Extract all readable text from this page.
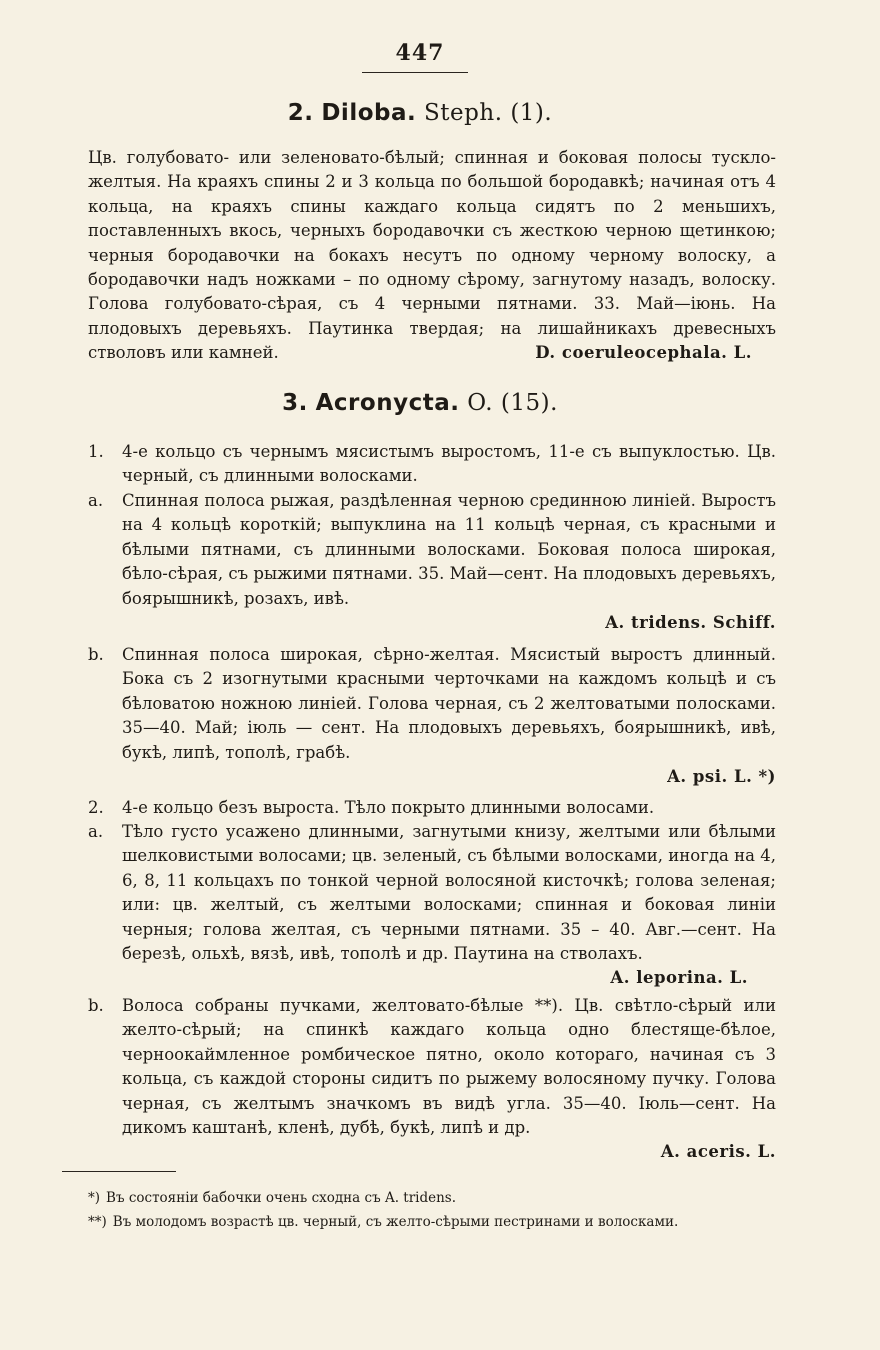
447
2. Diloba. Steph. (1).
Цв. голубовато- или зеленовато-бѣлый; спинная и боковая полосы тускло-желтыя. На краяхъ спины 2 и 3 кольца по большой бородавкѣ; начиная отъ 4 кольца, на краяхъ спины каждаго кольца сидятъ по 2 меньшихъ, поставленныхъ вкось, черныхъ бородавочки съ жесткою черною щетинкою; черныя бородавочки на бокахъ несутъ по одному черному волоску, а бородавочки надъ ножками – по одному сѣрому, загнутому назадъ, волоску. Голова голубовато-сѣрая, съ 4 черными пятнами. 33. Май—іюнь. На плодовыхъ деревьяхъ. Паутинка твердая; на лишайникахъ древесныхъ стволовъ или камней.	D. coeruleocephala. L.
3. Acronycta. O. (15).
1. 4-е кольцо съ чернымъ мясистымъ выростомъ, 11-е съ выпуклостью. Цв. черный, съ длинными волосками.
a. Спинная полоса рыжая, раздѣленная черною срединною линiей. Выростъ на 4 кольцѣ короткiй; выпуклина на 11 кольцѣ черная, съ красными и бѣлыми пятнами, съ длинными волосками. Боковая полоса широкая, бѣло-сѣрая, съ рыжими пятнами. 35. Май—сент. На плодовыхъ деревьяхъ, боярышникѣ, розахъ, ивѣ.
A. tridens. Schiff.
b. Спинная полоса широкая, сѣрно-желтая. Мясистый выростъ длинный. Бока съ 2 изогнутыми красными черточками на каждомъ кольцѣ и съ бѣловатою ножною линiей. Голова черная, съ 2 желтоватыми полосками. 35—40. Май; iюль — сент. На плодовыхъ деревьяхъ, боярышникѣ, ивѣ, букѣ, липѣ, тополѣ, грабѣ.
A. psi. L. *)
2. 4-е кольцо безъ выроста. Тѣло покрыто длинными волосами.
a. Тѣло густо усажено длинными, загнутыми книзу, желтыми или бѣлыми шелковистыми волосами; цв. зеленый, съ бѣлыми волосками, иногда на 4, 6, 8, 11 кольцахъ по тонкой черной волосяной кисточкѣ; голова зеленая; или: цв. желтый, съ желтыми волосками; спинная и боковая линiи черныя; голова желтая, съ черными пятнами. 35 – 40. Авг.—сент. На березѣ, ольхѣ, вязѣ, ивѣ, тополѣ и др. Паутина на стволахъ.
A. leporina. L.
b. Волоса собраны пучками, желтовато-бѣлые **). Цв. свѣтло-сѣрый или желто-сѣрый; на спинкѣ каждаго кольца одно блестяще-бѣлое, черноокаймленное ромбическое пятно, около котораго, начиная съ 3 кольца, съ каждой стороны сидитъ по рыжему волосяному пучку. Голова черная, съ желтымъ значкомъ въ видѣ угла. 35—40. Iюль—сент. На дикомъ каштанѣ, кленѣ, дубѣ, букѣ, липѣ и др.
A. aceris. L.
*) Въ состоянiи бабочки очень сходна съ A. tridens.
**) Въ молодомъ возрастѣ цв. черный, съ желто-сѣрыми пестринами и волосками.
